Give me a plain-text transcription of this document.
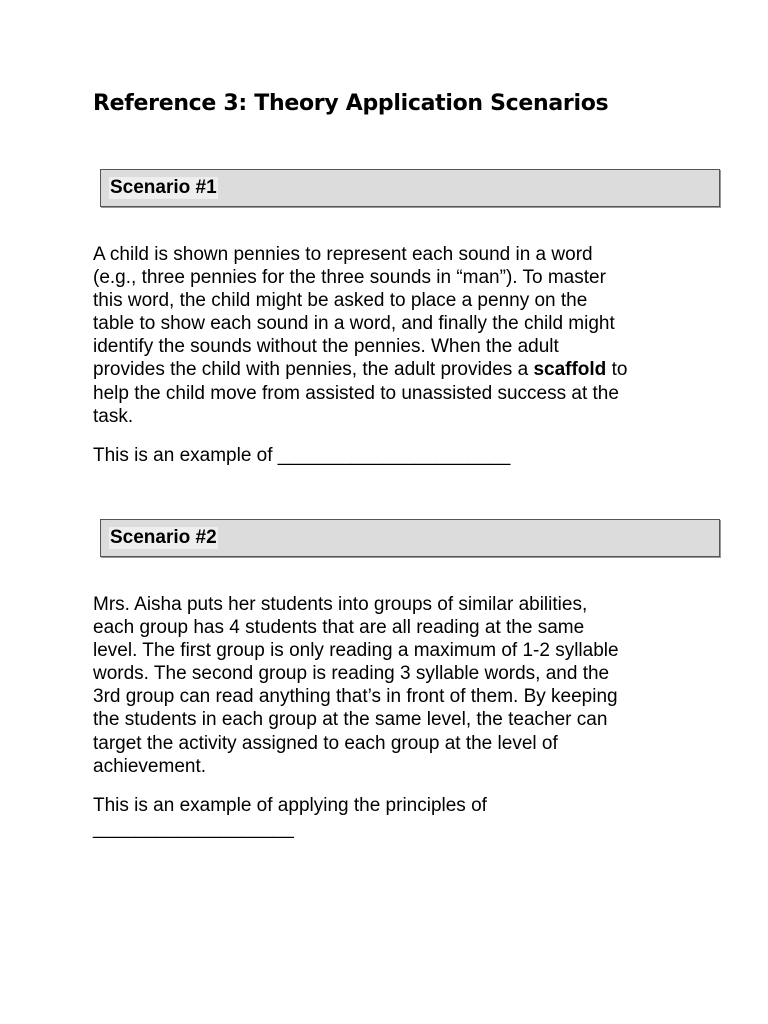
Reference 3: Theory Application Scenarios
Scenario #1

A child is shown pennies to represent each sound in a word
(e.g., three pennies for the three sounds in “man”). To master
this word, the child might be asked to place a penny on the
table to show each sound in a word, and finally the child might
identify the sounds without the pennies. When the adult
provides the child with pennies, the adult provides a scaffold to
help the child move from assisted to unassisted success at the
task.

This is an example of ______________________

Scenario #2

Mrs. Aisha puts her students into groups of similar abilities,
each group has 4 students that are all reading at the same
level. The first group is only reading a maximum of 1-2 syllable
words. The second group is reading 3 syllable words, and the
3rd group can read anything that’s in front of them. By keeping
the students in each group at the same level, the teacher can
target the activity assigned to each group at the level of
achievement.

This is an example of applying the principles of
___________________
